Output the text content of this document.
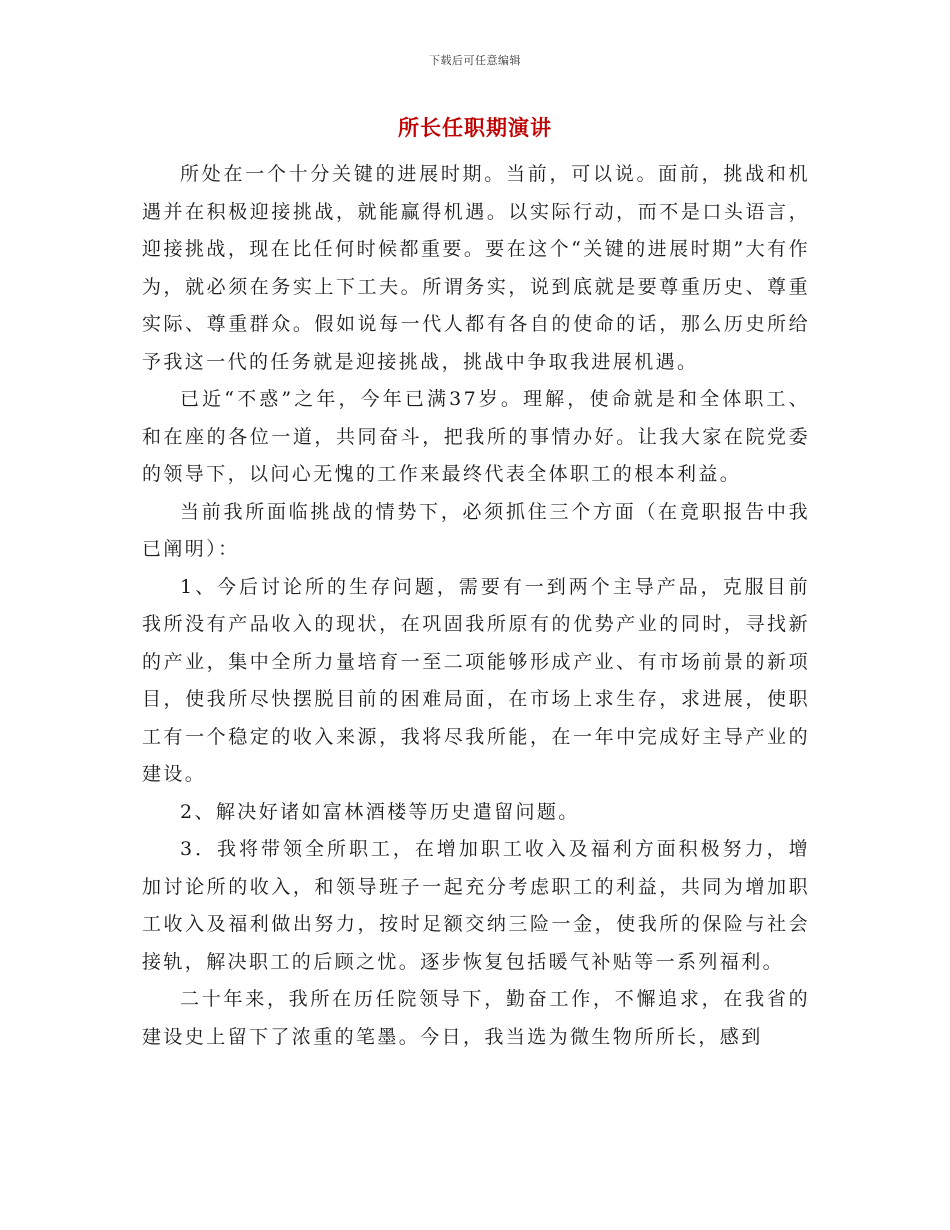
下载后可任意编辑
所长任职期演讲

所处在一个十分关键的进展时期。当前，可以说。面前，挑战和机遇并在积极迎接挑战，就能赢得机遇。以实际行动，而不是口头语言，迎接挑战，现在比任何时候都重要。要在这个“关键的进展时期”大有作为，就必须在务实上下工夫。所谓务实，说到底就是要尊重历史、尊重实际、尊重群众。假如说每一代人都有各自的使命的话，那么历史所给予我这一代的任务就是迎接挑战，挑战中争取我进展机遇。

已近“不惑”之年，今年已满37岁。理解，使命就是和全体职工、和在座的各位一道，共同奋斗，把我所的事情办好。让我大家在院党委的领导下，以问心无愧的工作来最终代表全体职工的根本利益。

当前我所面临挑战的情势下，必须抓住三个方面（在竟职报告中我已阐明）：

1、今后讨论所的生存问题，需要有一到两个主导产品，克服目前我所没有产品收入的现状，在巩固我所原有的优势产业的同时，寻找新的产业，集中全所力量培育一至二项能够形成产业、有市场前景的新项目，使我所尽快摆脱目前的困难局面，在市场上求生存，求进展，使职工有一个稳定的收入来源，我将尽我所能，在一年中完成好主导产业的建设。

2、解决好诸如富林酒楼等历史遣留问题。

3．我将带领全所职工，在增加职工收入及福利方面积极努力，增加讨论所的收入，和领导班子一起充分考虑职工的利益，共同为增加职工收入及福利做出努力，按时足额交纳三险一金，使我所的保险与社会接轨，解决职工的后顾之忧。逐步恢复包括暖气补贴等一系列福利。

二十年来，我所在历任院领导下，勤奋工作，不懈追求，在我省的建设史上留下了浓重的笔墨。今日，我当选为微生物所所长，感到
